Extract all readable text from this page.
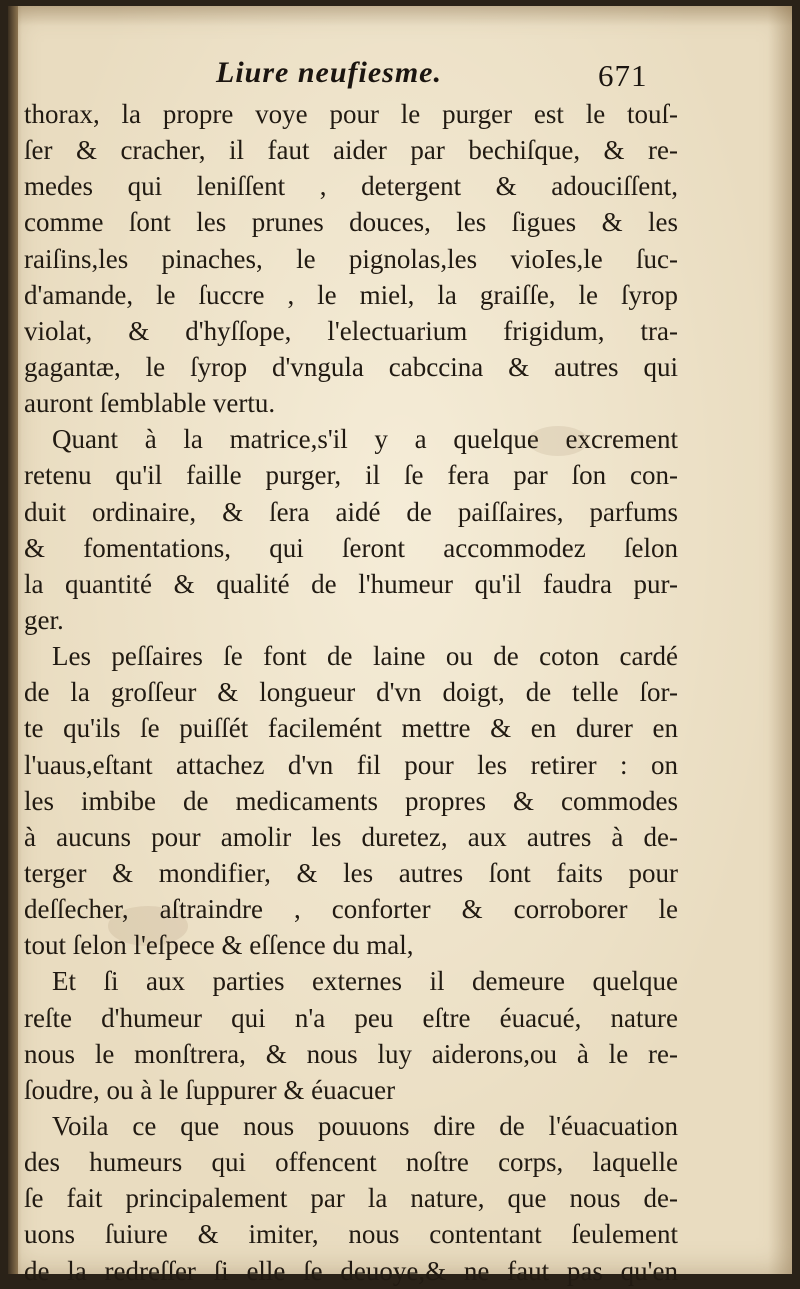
Liure neufiesme.	671
thorax, la propre voye pour le purger est le touſ-
ſer & cracher, il faut aider par bechiſque, & re-
medes qui leniſſent , detergent & adouciſſent,
comme ſont les prunes douces, les ſigues & les
raiſins,les pinaches, le pignolas,les vioIes,le ſuc-
d'amande, le ſuccre , le miel, la graiſſe, le ſyrop
violat, & d'hyſſope, l'electuarium frigidum, tra-
gagantæ, le ſyrop d'vngula cabccina & autres qui
auront ſemblable vertu.
Quant à la matrice,s'il y a quelque excrement
retenu qu'il faille purger, il ſe fera par ſon con-
duit ordinaire, & ſera aidé de paiſſaires, parfums
& fomentations, qui ſeront accommodez ſelon
la quantité & qualité de l'humeur qu'il faudra pur-
ger.
Les peſſaires ſe font de laine ou de coton cardé
de la groſſeur & longueur d'vn doigt, de telle ſor-
te qu'ils ſe puiſſét facilemént mettre & en durer en
l'uaus,eſtant attachez d'vn fil pour les retirer : on
les imbibe de medicaments propres & commodes
à aucuns pour amolir les duretez, aux autres à de-
terger & mondifier, & les autres ſont faits pour
deſſecher, aſtraindre , conforter & corroborer le
tout ſelon l'eſpece & eſſence du mal,
Et ſi aux parties externes il demeure quelque
reſte d'humeur qui n'a peu eſtre éuacué, nature
nous le monſtrera, & nous luy aiderons,ou à le re-
ſoudre, ou à le ſuppurer & éuacuer
Voila ce que nous pouuons dire de l'éuacuation
des humeurs qui offencent noſtre corps, laquelle
ſe fait principalement par la nature, que nous de-
uons ſuiure & imiter, nous contentant ſeulement
de la redreſſer ſi elle ſe deuoye,& ne faut pas qu'en
